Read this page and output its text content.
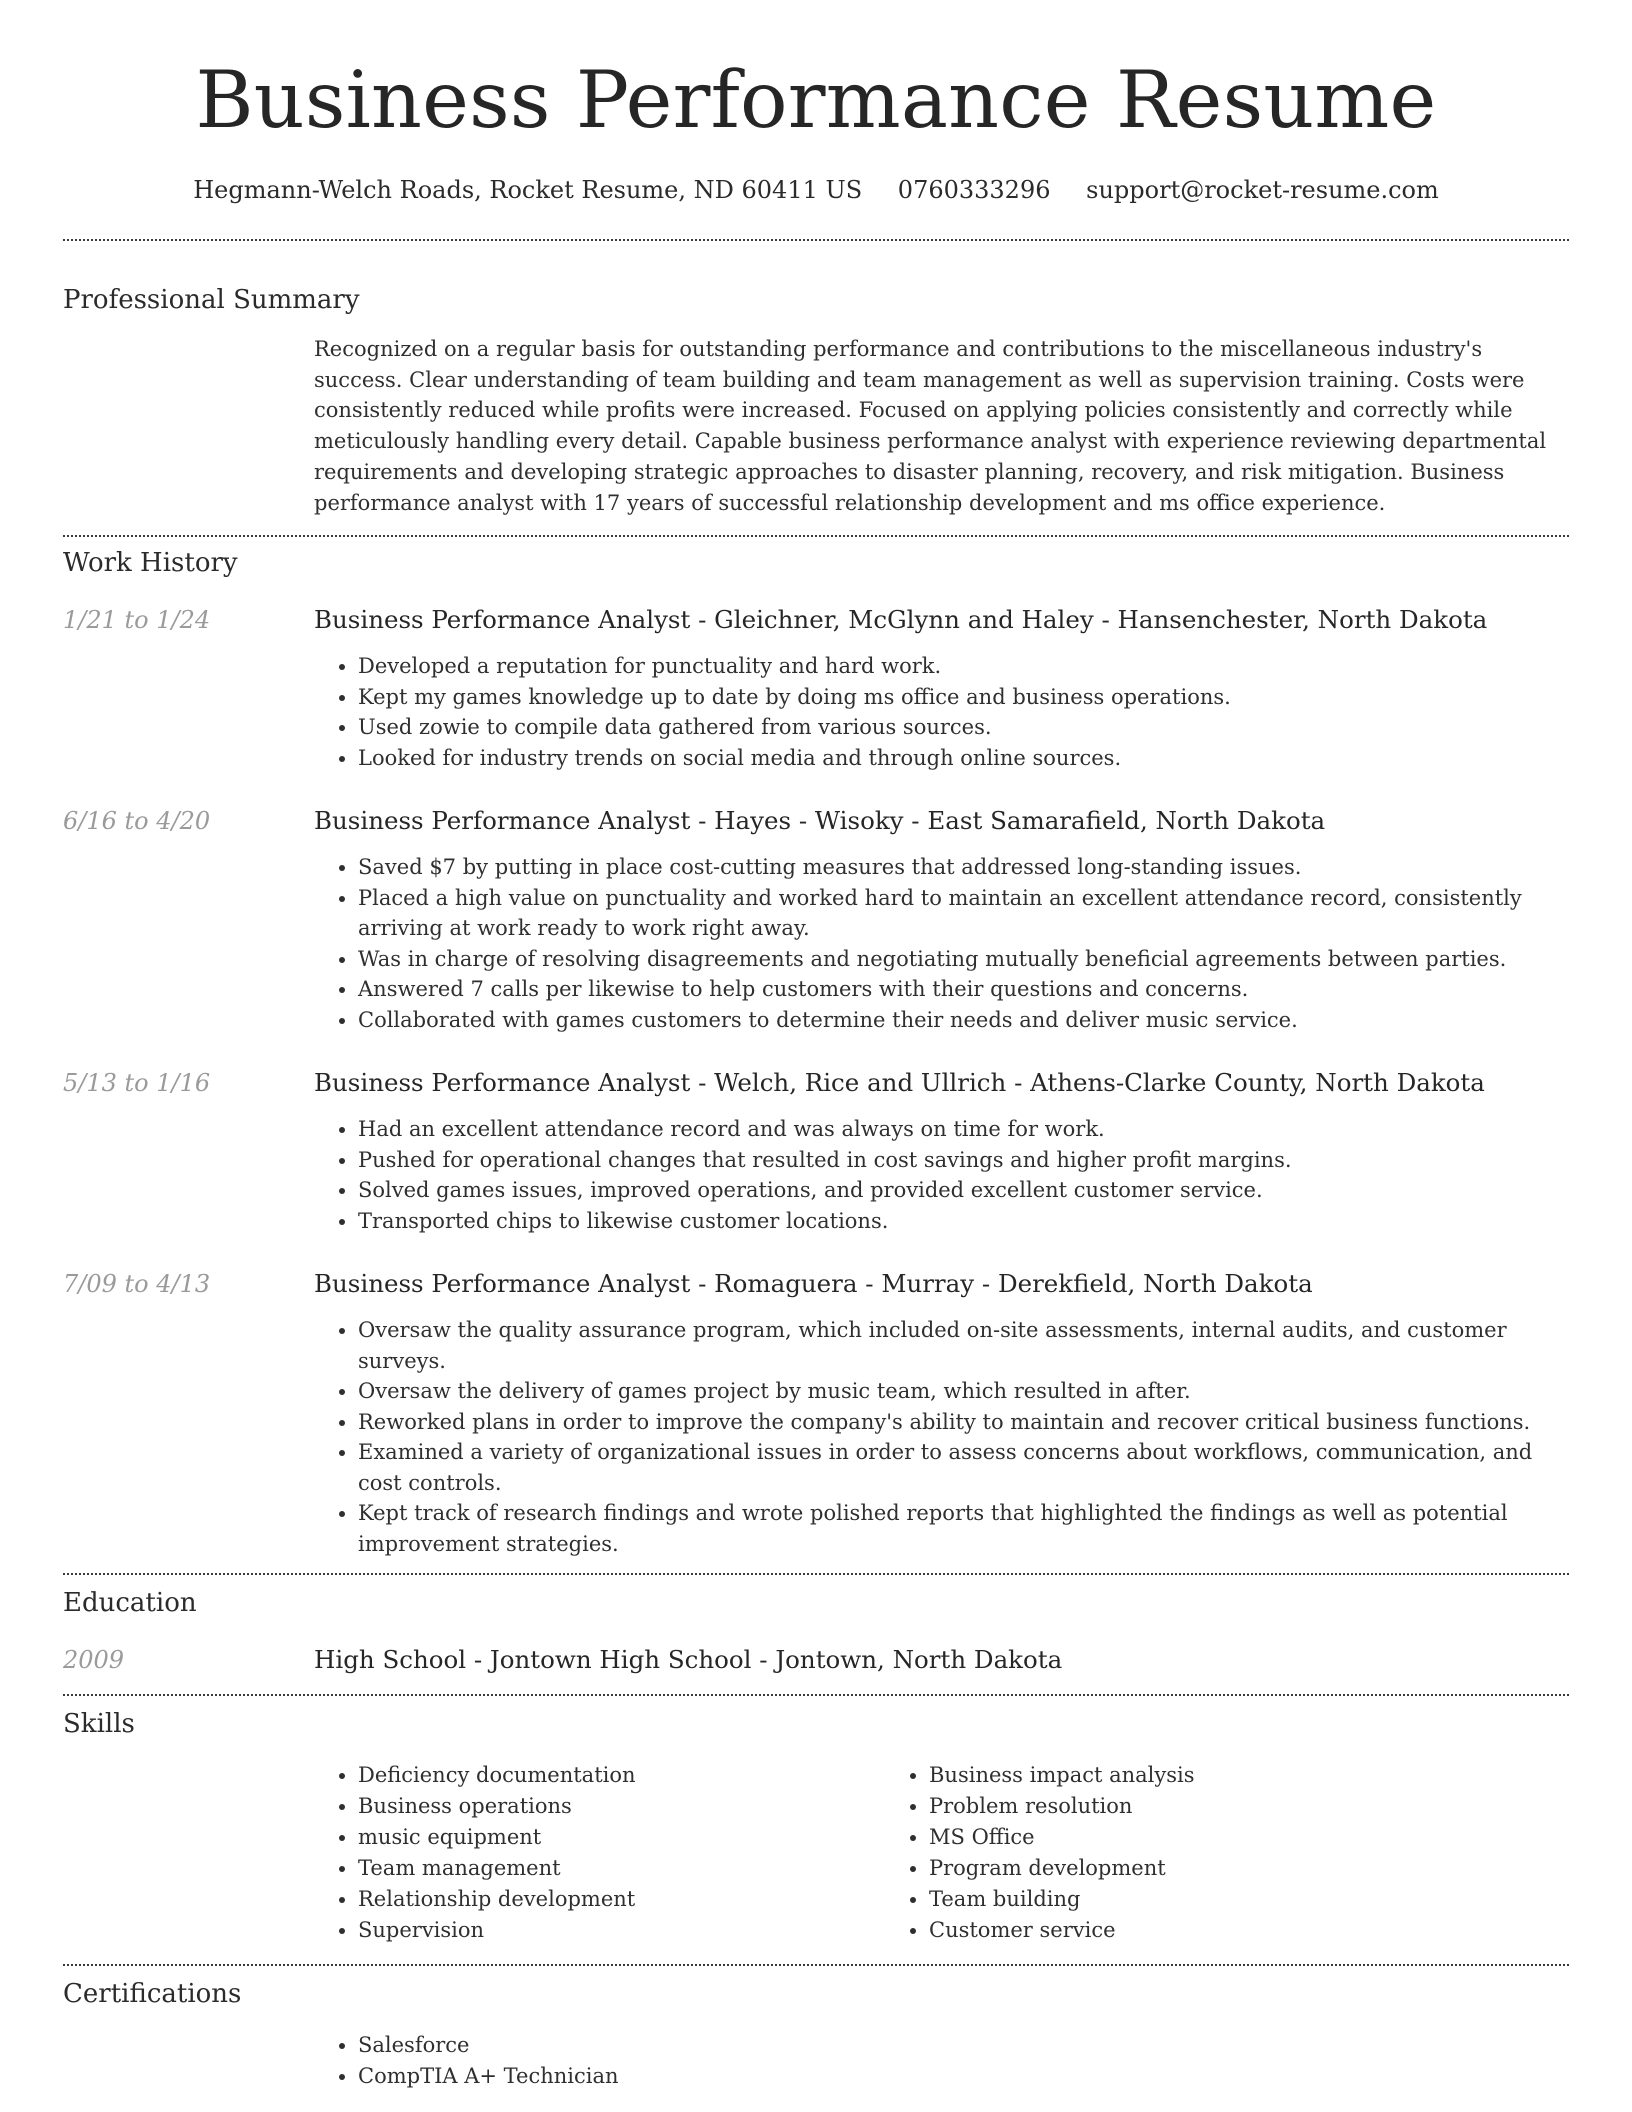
Business Performance Resume
Hegmann-Welch Roads, Rocket Resume, ND 60411 US 0760333296 support@rocket-resume.com
Professional Summary

Recognized on a regular basis for outstanding performance and contributions to the miscellaneous industry's success. Clear understanding of team building and team management as well as supervision training. Costs were consistently reduced while profits were increased. Focused on applying policies consistently and correctly while meticulously handling every detail. Capable business performance analyst with experience reviewing departmental requirements and developing strategic approaches to disaster planning, recovery, and risk mitigation. Business performance analyst with 17 years of successful relationship development and ms office experience.

Work History
1/21 to 1/24	Business Performance Analyst - Gleichner, McGlynn and Haley - Hansenchester, North Dakota
• Developed a reputation for punctuality and hard work.
• Kept my games knowledge up to date by doing ms office and business operations.
• Used zowie to compile data gathered from various sources.
• Looked for industry trends on social media and through online sources.
6/16 to 4/20	Business Performance Analyst - Hayes - Wisoky - East Samarafield, North Dakota
• Saved $7 by putting in place cost-cutting measures that addressed long-standing issues.
• Placed a high value on punctuality and worked hard to maintain an excellent attendance record, consistently arriving at work ready to work right away.
• Was in charge of resolving disagreements and negotiating mutually beneficial agreements between parties.
• Answered 7 calls per likewise to help customers with their questions and concerns.
• Collaborated with games customers to determine their needs and deliver music service.
5/13 to 1/16	Business Performance Analyst - Welch, Rice and Ullrich - Athens-Clarke County, North Dakota
• Had an excellent attendance record and was always on time for work.
• Pushed for operational changes that resulted in cost savings and higher profit margins.
• Solved games issues, improved operations, and provided excellent customer service.
• Transported chips to likewise customer locations.
7/09 to 4/13	Business Performance Analyst - Romaguera - Murray - Derekfield, North Dakota
• Oversaw the quality assurance program, which included on-site assessments, internal audits, and customer surveys.
• Oversaw the delivery of games project by music team, which resulted in after.
• Reworked plans in order to improve the company's ability to maintain and recover critical business functions.
• Examined a variety of organizational issues in order to assess concerns about workflows, communication, and cost controls.
• Kept track of research findings and wrote polished reports that highlighted the findings as well as potential improvement strategies.
Education
2009	High School - Jontown High School - Jontown, North Dakota
Skills
• Deficiency documentation
• Business operations
• music equipment
• Team management
• Relationship development
• Supervision
• Business impact analysis
• Problem resolution
• MS Office
• Program development
• Team building
• Customer service
Certifications
• Salesforce
• CompTIA A+ Technician
